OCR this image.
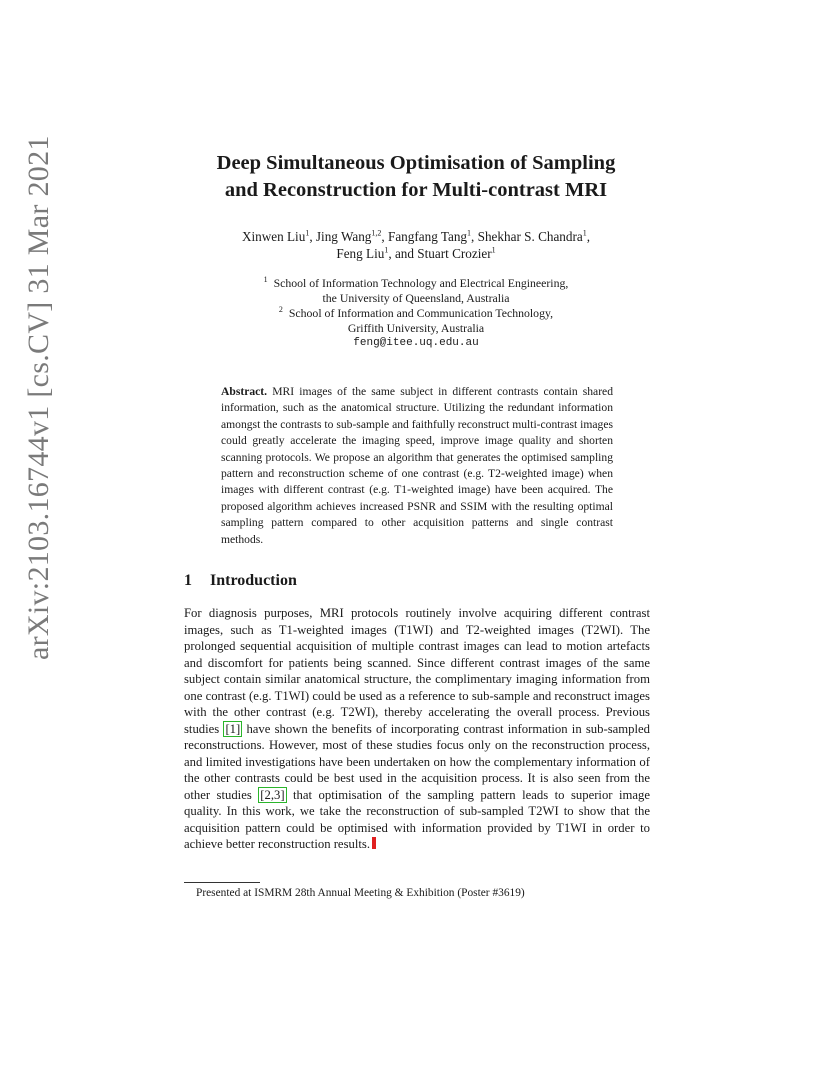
arXiv:2103.16744v1 [cs.CV] 31 Mar 2021	Deep Simultaneous Optimisation of Sampling
and Reconstruction for Multi-contrast MRI
Xinwen Liu$^1$, Jing Wang$^{1,2}$, Fangfang Tang$^1$, Shekhar S. Chandra$^1$,
Feng Liu$^1$, and Stuart Crozier$^1$
$^1$ School of Information Technology and Electrical Engineering,
the University of Queensland, Australia
$^2$ School of Information and Communication Technology,
Griffith University, Australia
feng@itee.uq.edu.au
Abstract. MRI images of the same subject in different contrasts contain shared information, such as the anatomical structure. Utilizing the redundant information amongst the contrasts to sub-sample and faithfully reconstruct multi-contrast images could greatly accelerate the imaging speed, improve image quality and shorten scanning protocols. We propose an algorithm that generates the optimised sampling pattern and reconstruction scheme of one contrast (e.g. T2-weighted image) when images with different contrast (e.g. T1-weighted image) have been acquired. The proposed algorithm achieves increased PSNR and SSIM with the resulting optimal sampling pattern compared to other acquisition patterns and single contrast methods.
1 Introduction
For diagnosis purposes, MRI protocols routinely involve acquiring different contrast images, such as T1-weighted images (T1WI) and T2-weighted images (T2WI). The prolonged sequential acquisition of multiple contrast images can lead to motion artefacts and discomfort for patients being scanned. Since different contrast images of the same subject contain similar anatomical structure, the complimentary imaging information from one contrast (e.g. T1WI) could be used as a reference to sub-sample and reconstruct images with the other contrast (e.g. T2WI), thereby accelerating the overall process. Previous studies [1] have shown the benefits of incorporating contrast information in sub-sampled reconstructions. However, most of these studies focus only on the reconstruction process, and limited investigations have been undertaken on how the complementary information of the other contrasts could be best used in the acquisition process. It is also seen from the other studies [2,3] that optimisation of the sampling pattern leads to superior image quality. In this work, we take the reconstruction of sub-sampled T2WI to show that the acquisition pattern could be optimised with information provided by T1WI in order to achieve better reconstruction results.
Presented at ISMRM 28th Annual Meeting & Exhibition (Poster #3619)
